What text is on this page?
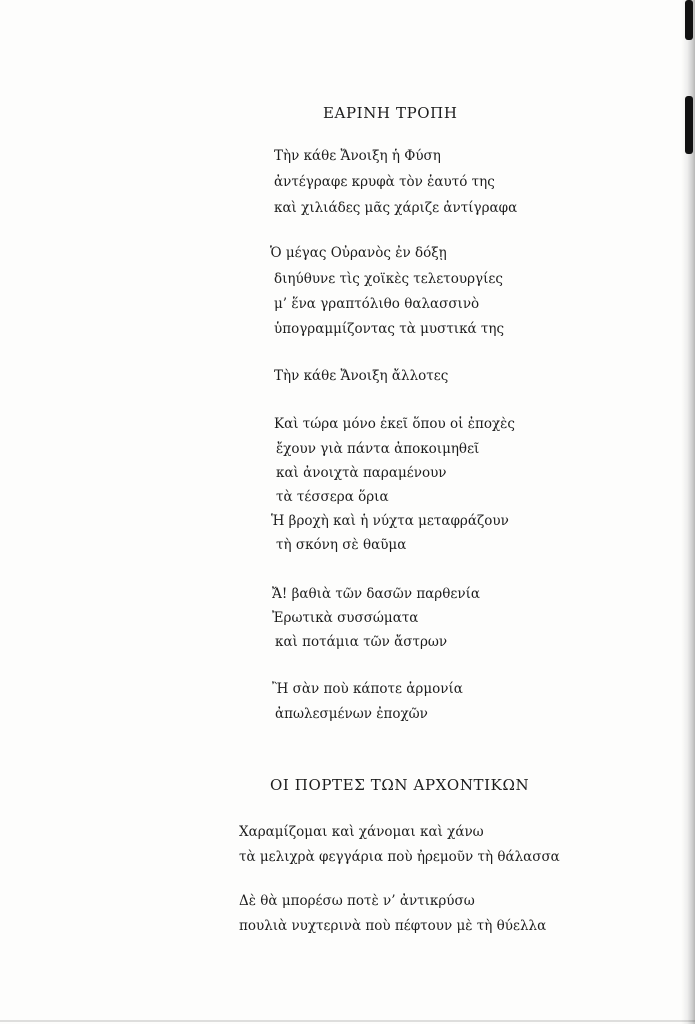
ΕΑΡΙΝΗ ΤΡΟΠΗ
Τὴν κάθε Ἄνοιξη ἡ Φύση
ἀντέγραφε κρυφὰ τὸν ἑαυτό της
καὶ χιλιάδες μᾶς χάριζε ἀντίγραφα
Ὁ μέγας Οὐρανὸς ἐν δόξῃ
διηύθυνε τὶς χοϊκὲς τελετουργίες
μ’ ἕνα γραπτόλιθο θαλασσινὸ
ὑπογραμμίζοντας τὰ μυστικά της
Τὴν κάθε Ἄνοιξη ἄλλοτες
Καὶ τώρα μόνο ἐκεῖ ὅπου οἱ ἐποχὲς
ἔχουν γιὰ πάντα ἀποκοιμηθεῖ
καὶ ἀνοιχτὰ παραμένουν
τὰ τέσσερα ὅρια
Ἡ βροχὴ καὶ ἡ νύχτα μεταφράζουν
τὴ σκόνη σὲ θαῦμα
Ἄ! βαθιὰ τῶν δασῶν παρθενία
Ἐρωτικὰ συσσώματα
καὶ ποτάμια τῶν ἄστρων
Ἢ σὰν ποὺ κάποτε ἁρμονία
ἀπωλεσμένων ἐποχῶν
ΟΙ ΠΟΡΤΕΣ ΤΩΝ ΑΡΧΟΝΤΙΚΩΝ
Χαραμίζομαι καὶ χάνομαι καὶ χάνω
τὰ μελιχρὰ φεγγάρια ποὺ ἠρεμοῦν τὴ θάλασσα
Δὲ θὰ μπορέσω ποτὲ ν’ ἀντικρύσω
πουλιὰ νυχτερινὰ ποὺ πέφτουν μὲ τὴ θύελλα
